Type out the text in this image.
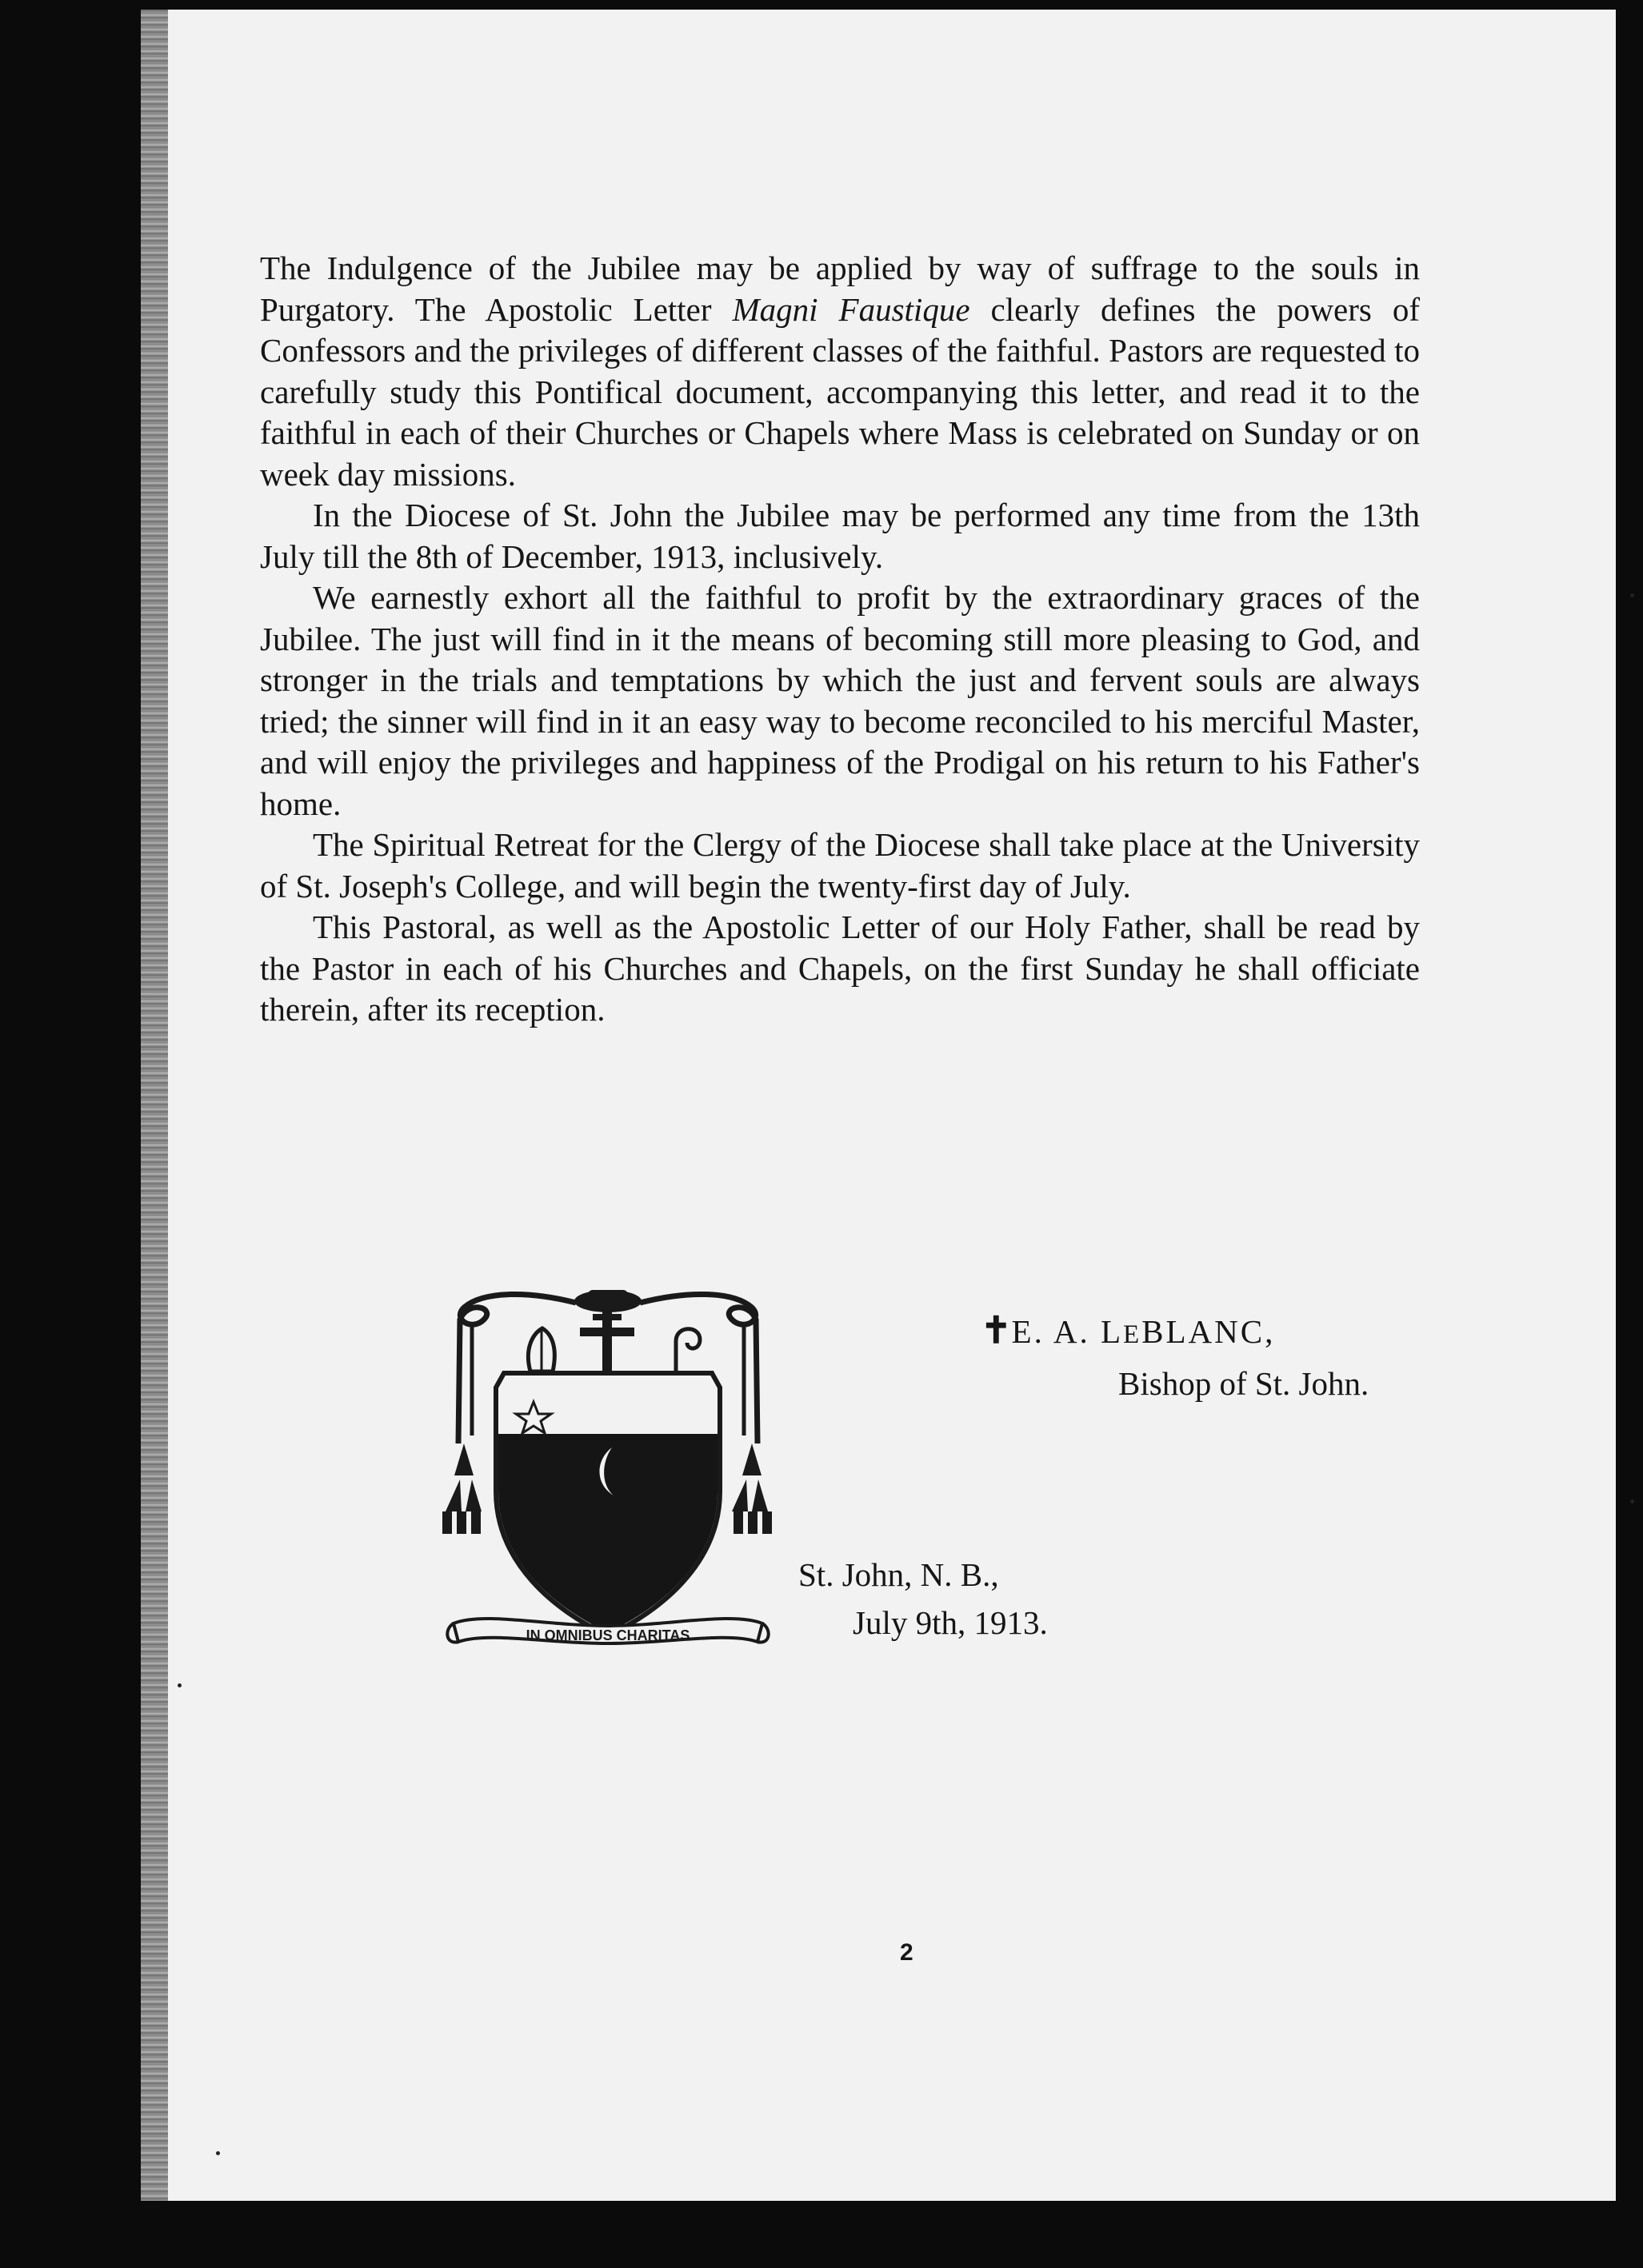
The Indulgence of the Jubilee may be applied by way of suffrage to the souls in Purgatory. The Apostolic Letter Magni Faustique clearly defines the powers of Confessors and the privileges of different classes of the faithful. Pastors are requested to carefully study this Pontifical document, accompanying this letter, and read it to the faithful in each of their Churches or Chapels where Mass is celebrated on Sunday or on week day missions.

In the Diocese of St. John the Jubilee may be performed any time from the 13th July till the 8th of December, 1913, inclusively.

We earnestly exhort all the faithful to profit by the extraordinary graces of the Jubilee. The just will find in it the means of becoming still more pleasing to God, and stronger in the trials and temptations by which the just and fervent souls are always tried; the sinner will find in it an easy way to become reconciled to his merciful Master, and will enjoy the privileges and happiness of the Prodigal on his return to his Father's home.

The Spiritual Retreat for the Clergy of the Diocese shall take place at the University of St. Joseph's College, and will begin the twenty-first day of July.

This Pastoral, as well as the Apostolic Letter of our Holy Father, shall be read by the Pastor in each of his Churches and Chapels, on the first Sunday he shall officiate therein, after its reception.

IN OMNIBUS CHARITAS
✝E. A. LEBLANC,
Bishop of St. John.
St. John, N. B.,
July 9th, 1913.
2
